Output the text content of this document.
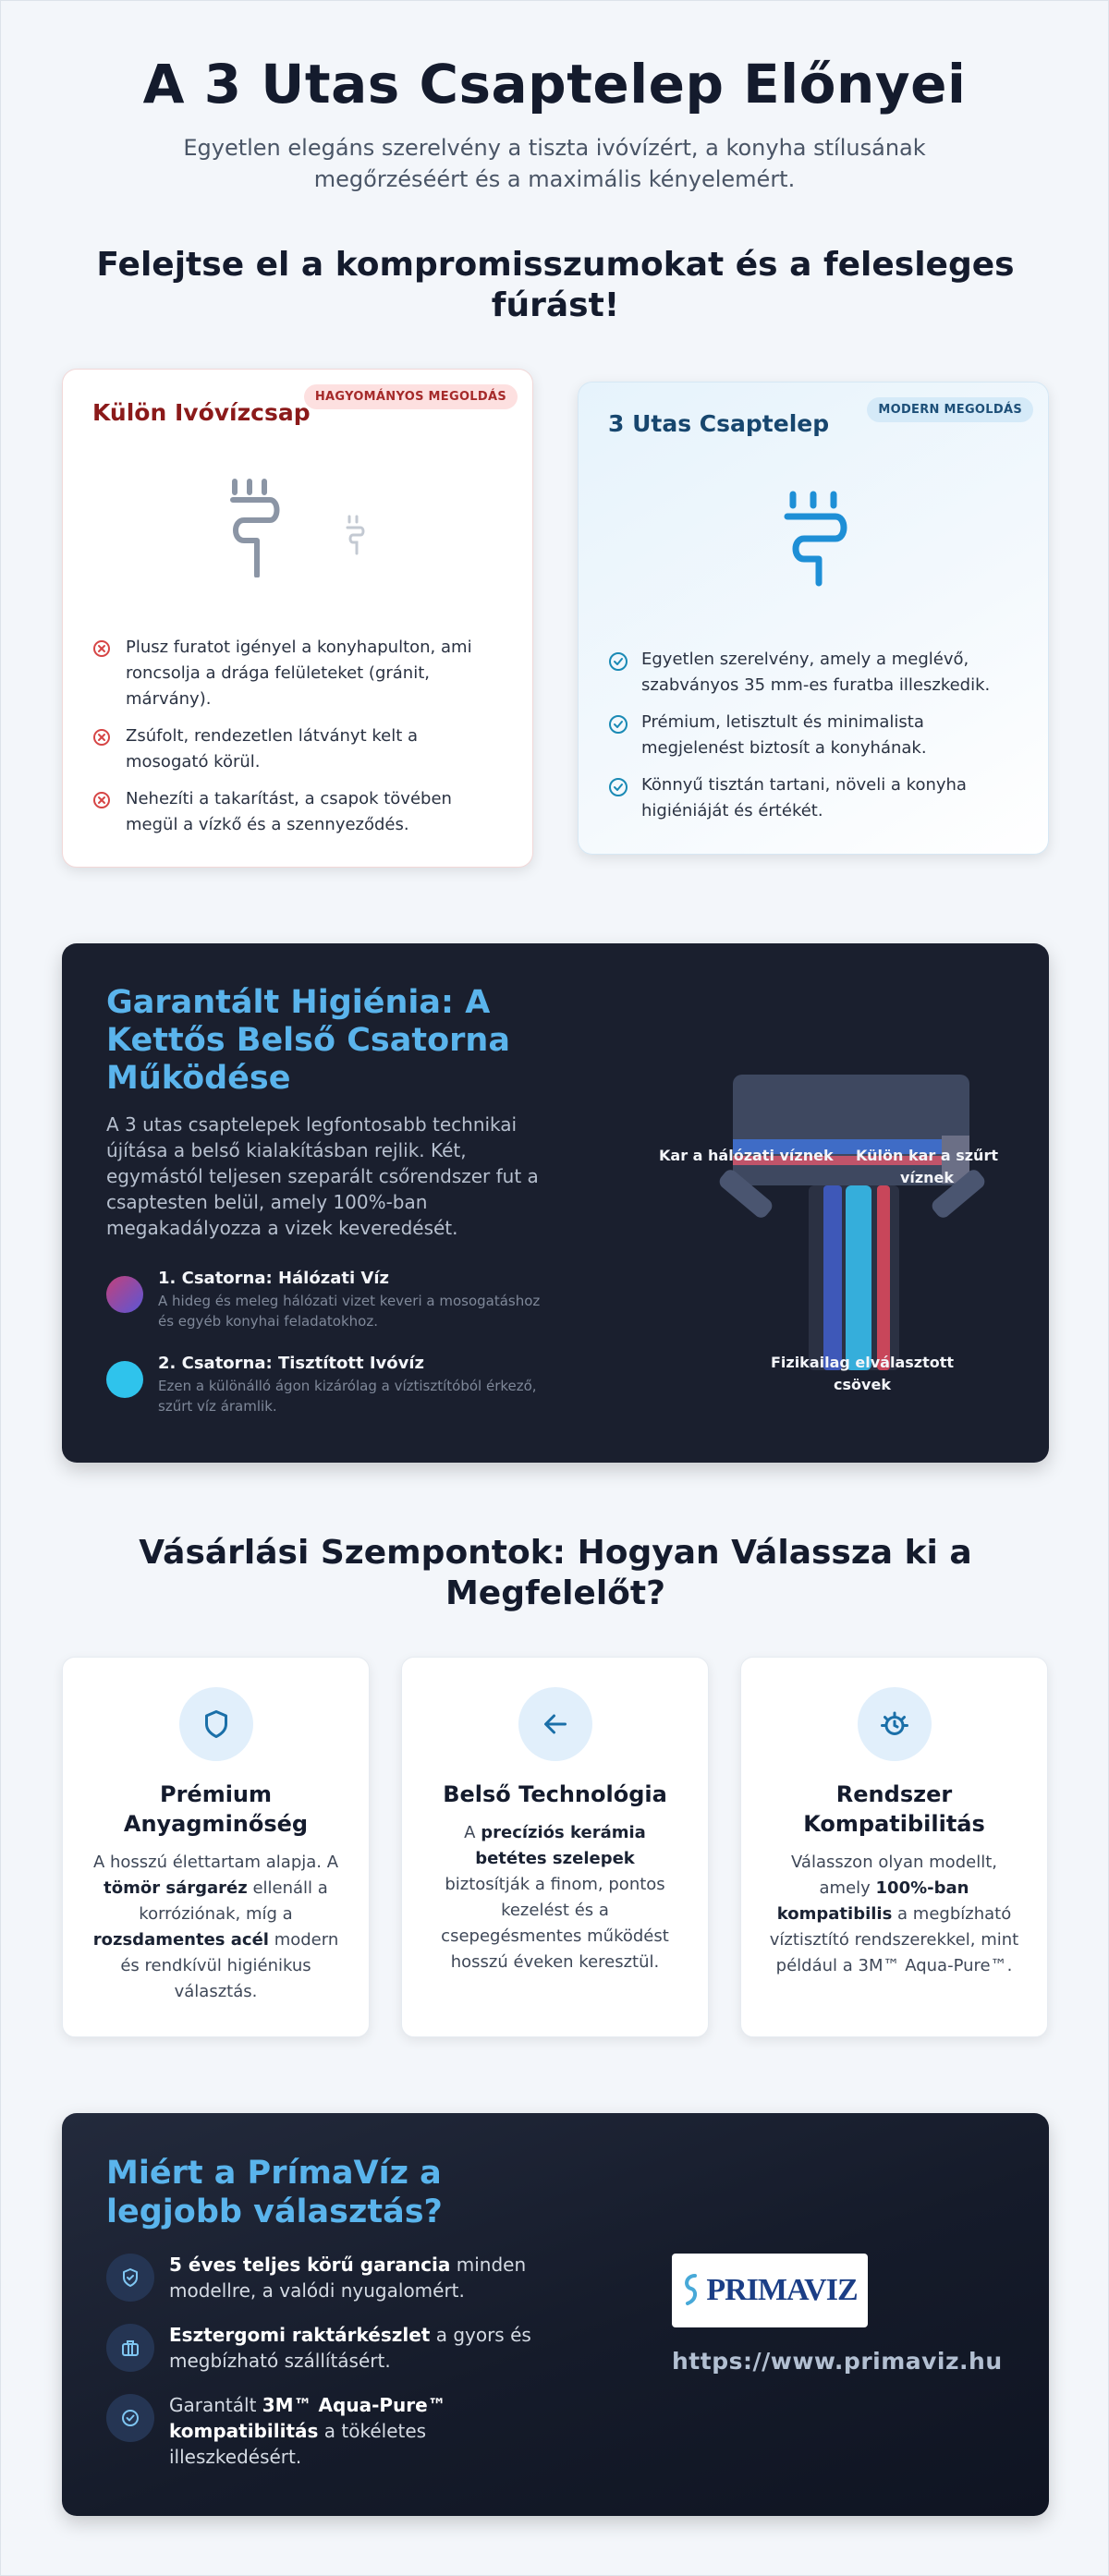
A 3 Utas Csaptelep Előnyei

Egyetlen elegáns szerelvény a tiszta ivóvízért, a konyha stílusának megőrzéséért és a maximális kényelemért.

Felejtse el a kompromisszumokat és a felesleges fúrást!
HAGYOMÁNYOS MEGOLDÁS
Külön Ivóvízcsap
Plusz furatot igényel a konyhapulton, ami roncsolja a drága felületeket (gránit, márvány).
Zsúfolt, rendezetlen látványt kelt a mosogató körül.
Nehezíti a takarítást, a csapok tövében megül a vízkő és a szennyeződés.
MODERN MEGOLDÁS
3 Utas Csaptelep
Egyetlen szerelvény, amely a meglévő, szabványos 35 mm-es furatba illeszkedik.
Prémium, letisztult és minimalista megjelenést biztosít a konyhának.
Könnyű tisztán tartani, növeli a konyha higiéniáját és értékét.
Garantált Higiénia: A Kettős Belső Csatorna Működése

A 3 utas csaptelepek legfontosabb technikai újítása a belső kialakításban rejlik. Két, egymástól teljesen szeparált csőrendszer fut a csaptesten belül, amely 100%-ban megakadályozza a vizek keveredését.

1. Csatorna: Hálózati Víz
A hideg és meleg hálózati vizet keveri a mosogatáshoz és egyéb konyhai feladatokhoz.
2. Csatorna: Tisztított Ivóvíz
Ezen a különálló ágon kizárólag a víztisztítóból érkező, szűrt víz áramlik.
Kar a hálózati víznek	Külön kar a szűrt víznek
Fizikailag elválasztott csövek
Vásárlási Szempontok: Hogyan Válassza ki a Megfelelőt?
Prémium Anyagminőség

A hosszú élettartam alapja. A tömör sárgaréz ellenáll a korróziónak, míg a rozsdamentes acél modern és rendkívül higiénikus választás.

Belső Technológia

A precíziós kerámia betétes szelepek biztosítják a finom, pontos kezelést és a csepegésmentes működést hosszú éveken keresztül.

Rendszer Kompatibilitás

Válasszon olyan modellt, amely 100%-ban kompatibilis a megbízható víztisztító rendszerekkel, mint például a 3M™ Aqua-Pure™.

Miért a PrímaVíz a legjobb választás?
5 éves teljes körű garancia minden modellre, a valódi nyugalomért.
Esztergomi raktárkészlet a gyors és megbízható szállításért.
Garantált 3M™ Aqua-Pure™ kompatibilitás a tökéletes illeszkedésért.
PRIMAVIZ
https://www.primaviz.hu
